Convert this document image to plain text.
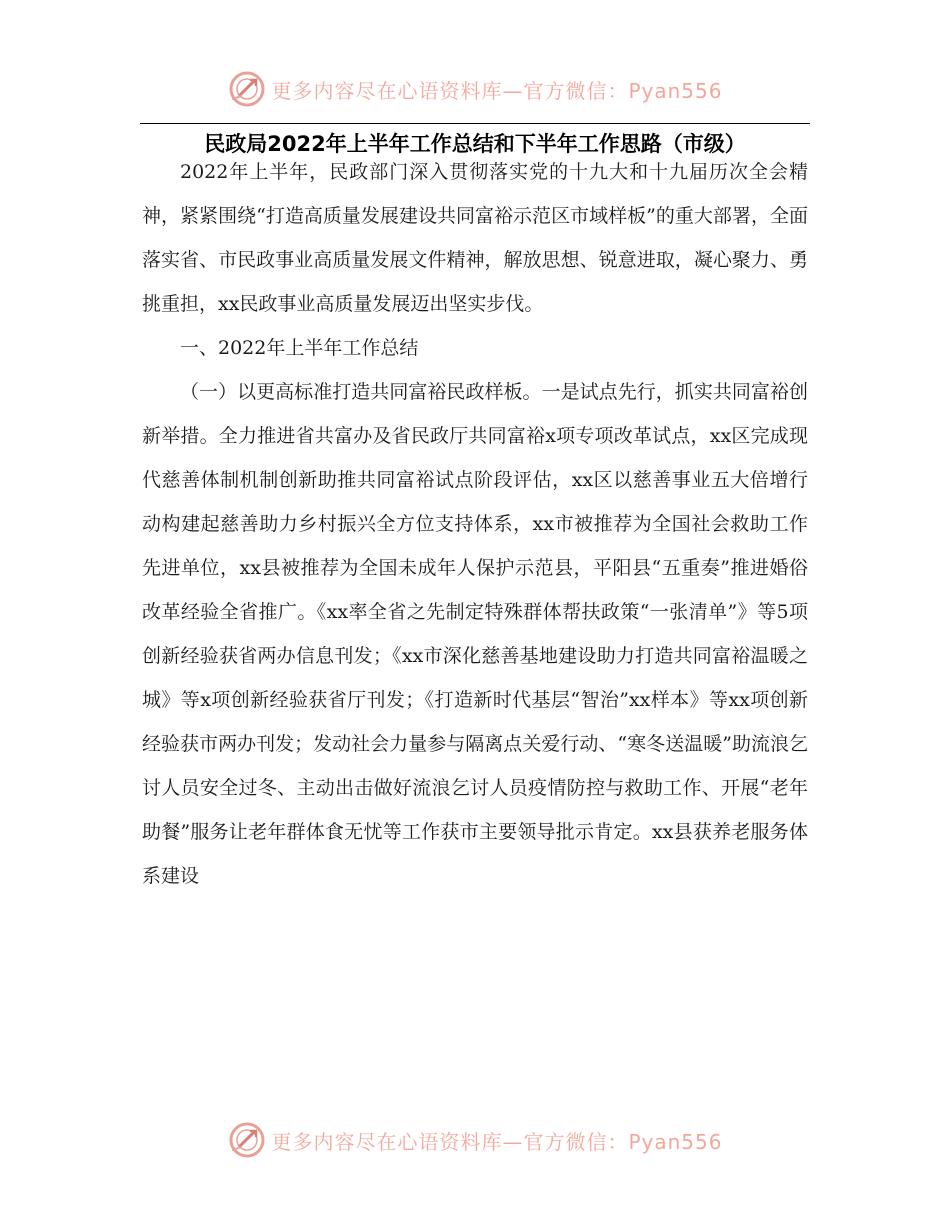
更多内容尽在心语资料库—官方微信：Pyan556
民政局2022年上半年工作总结和下半年工作思路（市级）

2022年上半年，民政部门深入贯彻落实党的十九大和十九届历次全会精神，紧紧围绕“打造高质量发展建设共同富裕示范区市域样板”的重大部署，全面落实省、市民政事业高质量发展文件精神，解放思想、锐意进取，凝心聚力、勇挑重担，xx民政事业高质量发展迈出坚实步伐。

一、2022年上半年工作总结

（一）以更高标准打造共同富裕民政样板。一是试点先行，抓实共同富裕创新举措。全力推进省共富办及省民政厅共同富裕x项专项改革试点，xx区完成现代慈善体制机制创新助推共同富裕试点阶段评估，xx区以慈善事业五大倍增行动构建起慈善助力乡村振兴全方位支持体系，xx市被推荐为全国社会救助工作先进单位，xx县被推荐为全国未成年人保护示范县，平阳县“五重奏”推进婚俗改革经验全省推广。《xx率全省之先制定特殊群体帮扶政策“一张清单”》等5项创新经验获省两办信息刊发；《xx市深化慈善基地建设助力打造共同富裕温暖之城》等x项创新经验获省厅刊发；《打造新时代基层“智治”xx样本》等xx项创新经验获市两办刊发；发动社会力量参与隔离点关爱行动、“寒冬送温暖”助流浪乞讨人员安全过冬、主动出击做好流浪乞讨人员疫情防控与救助工作、开展“老年助餐”服务让老年群体食无忧等工作获市主要领导批示肯定。xx县获养老服务体系建设

更多内容尽在心语资料库—官方微信：Pyan556
